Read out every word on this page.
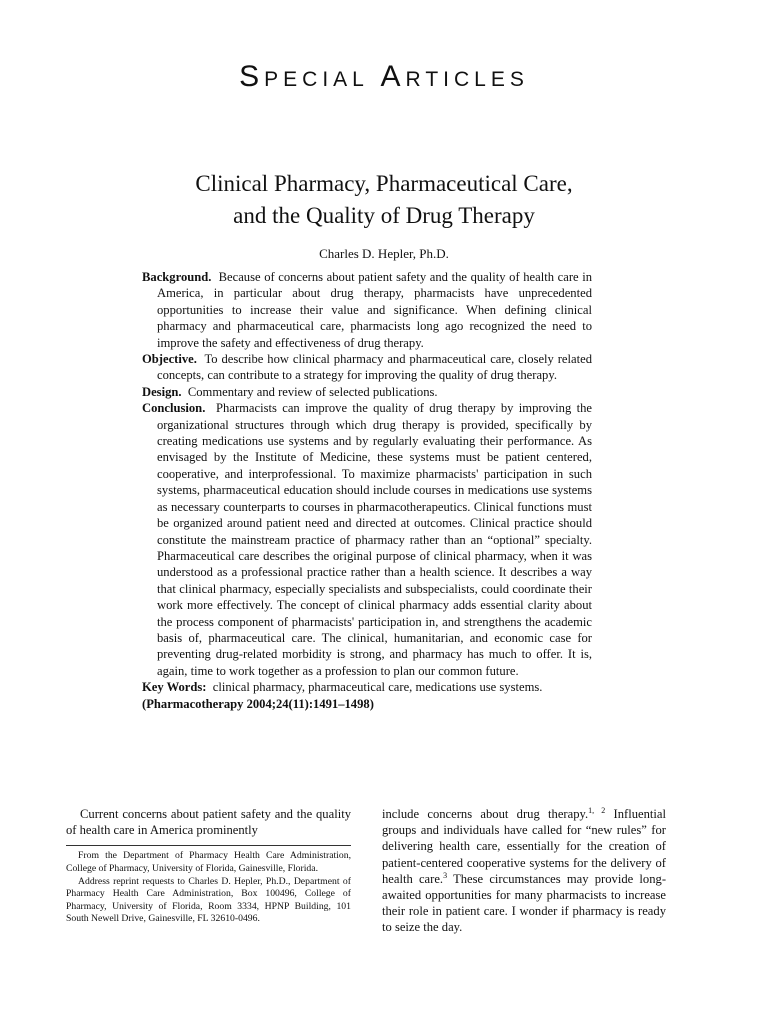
Special Articles
Clinical Pharmacy, Pharmaceutical Care,
and the Quality of Drug Therapy
Charles D. Hepler, Ph.D.

Background. Because of concerns about patient safety and the quality of health care in America, in particular about drug therapy, pharmacists have unprecedented opportunities to increase their value and significance. When defining clinical pharmacy and pharmaceutical care, pharmacists long ago recognized the need to improve the safety and effectiveness of drug therapy.

Objective. To describe how clinical pharmacy and pharmaceutical care, closely related concepts, can contribute to a strategy for improving the quality of drug therapy.

Design. Commentary and review of selected publications.

Conclusion. Pharmacists can improve the quality of drug therapy by improving the organizational structures through which drug therapy is provided, specifically by creating medications use systems and by regularly evaluating their performance. As envisaged by the Institute of Medicine, these systems must be patient centered, cooperative, and interprofessional. To maximize pharmacists' participation in such systems, pharmaceutical education should include courses in medications use systems as necessary counterparts to courses in pharmacotherapeutics. Clinical functions must be organized around patient need and directed at outcomes. Clinical practice should constitute the mainstream practice of pharmacy rather than an “optional” specialty. Pharmaceutical care describes the original purpose of clinical pharmacy, when it was understood as a professional practice rather than a health science. It describes a way that clinical pharmacy, especially specialists and subspecialists, could coordinate their work more effectively. The concept of clinical pharmacy adds essential clarity about the process component of pharmacists' participation in, and strengthens the academic basis of, pharmaceutical care. The clinical, humanitarian, and economic case for preventing drug-related morbidity is strong, and pharmacy has much to offer. It is, again, time to work together as a profession to plan our common future.

Key Words: clinical pharmacy, pharmaceutical care, medications use systems.

(Pharmacotherapy 2004;24(11):1491–1498)

Current concerns about patient safety and the quality of health care in America prominently

From the Department of Pharmacy Health Care Administration, College of Pharmacy, University of Florida, Gainesville, Florida.

Address reprint requests to Charles D. Hepler, Ph.D., Department of Pharmacy Health Care Administration, Box 100496, College of Pharmacy, University of Florida, Room 3334, HPNP Building, 101 South Newell Drive, Gainesville, FL 32610-0496.

include concerns about drug therapy.$^{1, 2}$ Influential groups and individuals have called for “new rules” for delivering health care, essentially for the creation of patient-centered cooperative systems for the delivery of health care.$^3$ These circumstances may provide long-awaited opportunities for many pharmacists to increase their role in patient care. I wonder if pharmacy is ready to seize the day.
